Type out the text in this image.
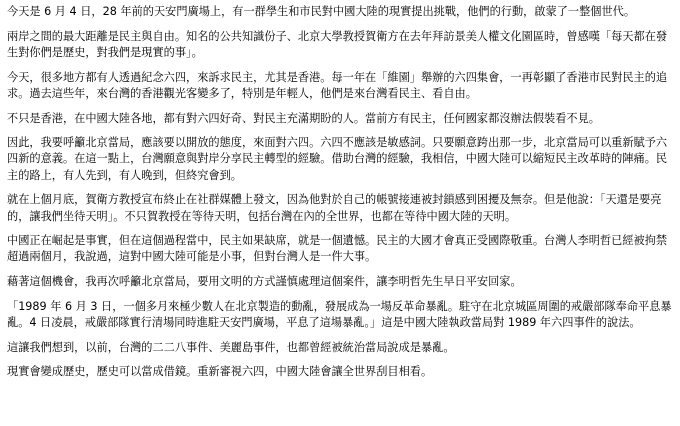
今天是 6 月 4 日，28 年前的天安門廣場上，有一群學生和市民對中國大陸的現實提出挑戰，他們的行動，啟蒙了一整個世代。

兩岸之間的最大距離是民主與自由。知名的公共知識份子、北京大學教授賀衛方在去年拜訪景美人權文化園區時，曾感嘆「每天都在發生對你們是歷史，對我們是現實的事」。

今天，很多地方都有人透過紀念六四，來訴求民主，尤其是香港。每一年在「維園」舉辦的六四集會，一再彰顯了香港市民對民主的追求。過去這些年，來台灣的香港觀光客變多了，特別是年輕人，他們是來台灣看民主、看自由。

不只是香港，在中國大陸各地，都有對六四好奇、對民主充滿期盼的人。當前方有民主，任何國家都沒辦法假裝看不見。

因此，我要呼籲北京當局，應該要以開放的態度，來面對六四。六四不應該是敏感詞。只要願意跨出那一步，北京當局可以重新賦予六四新的意義。在這一點上，台灣願意與對岸分享民主轉型的經驗。借助台灣的經驗，我相信，中國大陸可以縮短民主改革時的陣痛。民主的路上，有人先到，有人晚到，但終究會到。

就在上個月底，賀衛方教授宣布終止在社群媒體上發文，因為他對於自己的帳號接連被封鎖感到困擾及無奈。但是他說：「天還是要亮的，讓我們坐待天明」。不只賀教授在等待天明，包括台灣在內的全世界，也都在等待中國大陸的天明。

中國正在崛起是事實，但在這個過程當中，民主如果缺席，就是一個遺憾。民主的大國才會真正受國際敬重。台灣人李明哲已經被拘禁超過兩個月，我說過，這對中國大陸可能是小事，但對台灣人是一件大事。

藉著這個機會，我再次呼籲北京當局，要用文明的方式謹慎處理這個案件，讓李明哲先生早日平安回家。

「1989 年 6 月 3 日，一個多月來極少數人在北京製造的動亂，發展成為一場反革命暴亂。駐守在北京城區周圍的戒嚴部隊奉命平息暴亂。4 日凌晨，戒嚴部隊實行清場同時進駐天安門廣場，平息了這場暴亂。」這是中國大陸執政當局對 1989 年六四事件的說法。

這讓我們想到，以前，台灣的二二八事件、美麗島事件，也都曾經被統治當局說成是暴亂。

現實會變成歷史，歷史可以當成借鏡。重新審視六四，中國大陸會讓全世界刮目相看。
